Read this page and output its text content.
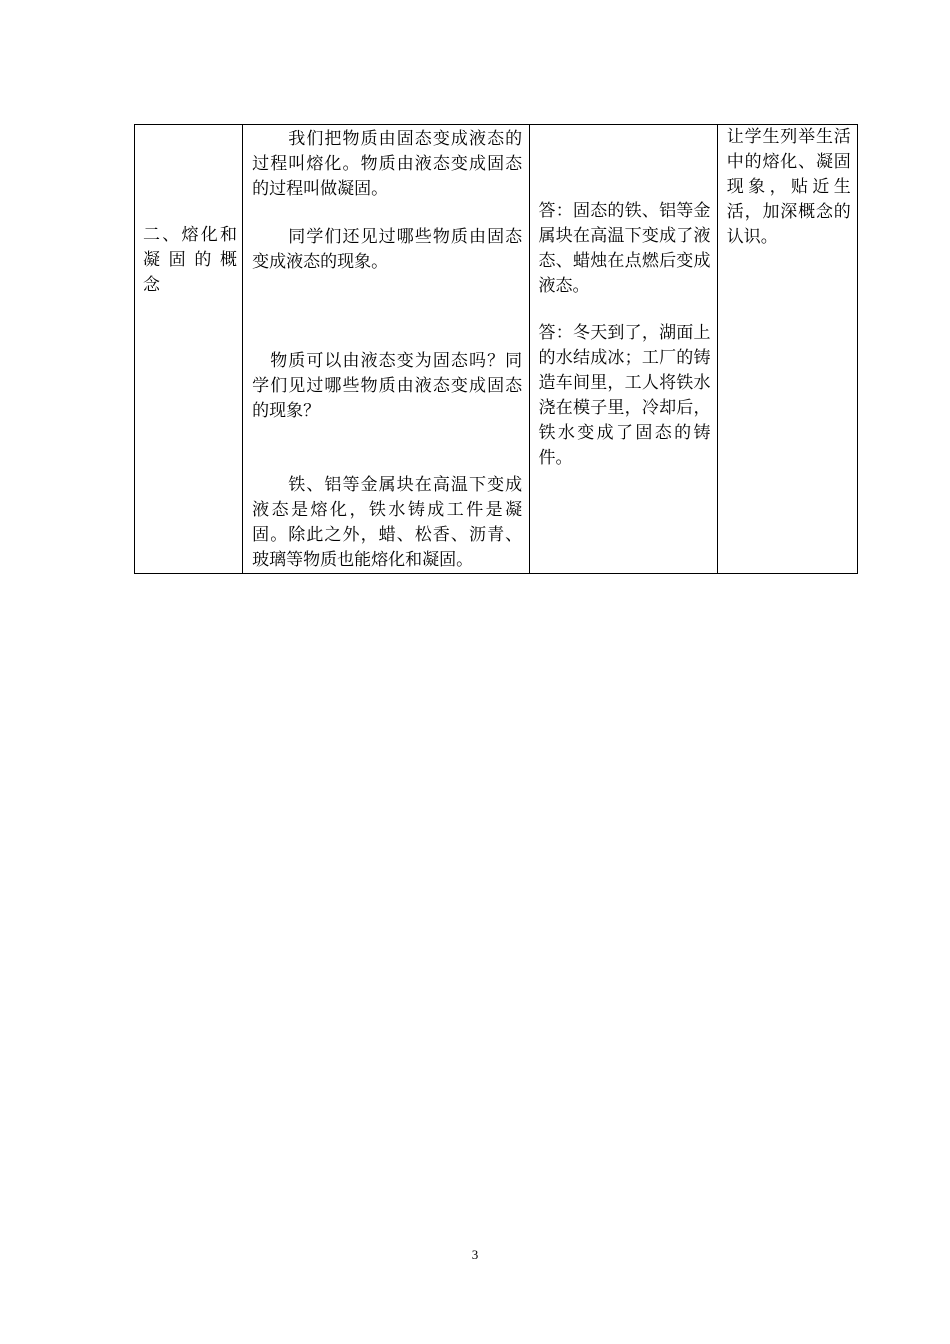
二、熔化和
凝固的概
念

　　我们把物质由固态变成液态的过程叫熔化。物质由液态变成固态的过程叫做凝固。
　　同学们还见过哪些物质由固态变成液态的现象。
　物质可以由液态变为固态吗？同学们见过哪些物质由液态变成固态的现象？
　　铁、铝等金属块在高温下变成液态是熔化，铁水铸成工件是凝固。除此之外，蜡、松香、沥青、玻璃等物质也能熔化和凝固。

答：固态的铁、铝等金属块在高温下变成了液态、蜡烛在点燃后变成液态。
答：冬天到了，湖面上的水结成冰；工厂的铸造车间里，工人将铁水浇在模子里，冷却后，铁水变成了固态的铸件。

让学生列举生活中的熔化、凝固现象，贴近生活，加深概念的认识。
3
